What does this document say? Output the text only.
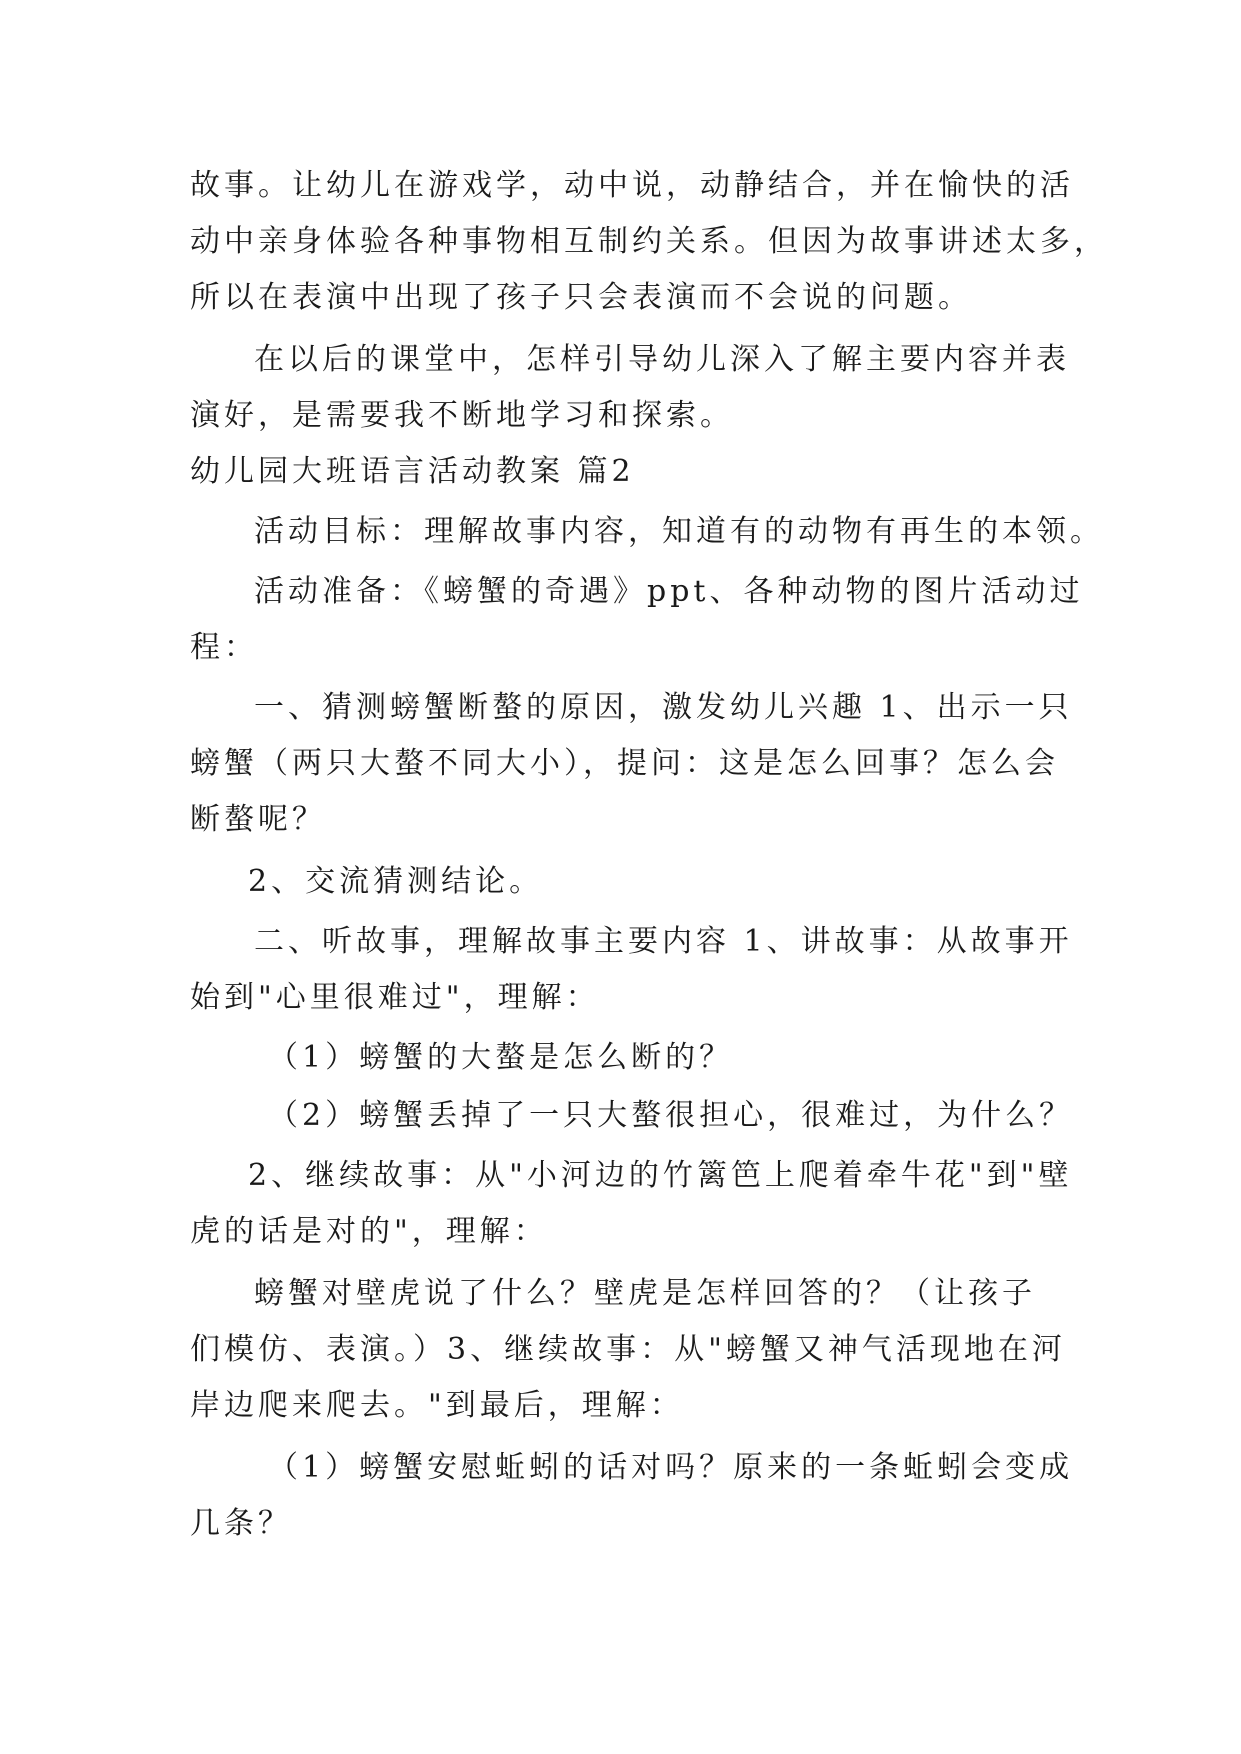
故事。让幼儿在游戏学，动中说，动静结合，并在愉快的活
动中亲身体验各种事物相互制约关系。但因为故事讲述太多，
所以在表演中出现了孩子只会表演而不会说的问题。
在以后的课堂中，怎样引导幼儿深入了解主要内容并表
演好，是需要我不断地学习和探索。
幼儿园大班语言活动教案 篇2
活动目标：理解故事内容，知道有的动物有再生的本领。
活动准备：《螃蟹的奇遇》ppt、各种动物的图片活动过
程：
一、猜测螃蟹断螯的原因，激发幼儿兴趣 1、出示一只
螃蟹（两只大螯不同大小），提问：这是怎么回事？怎么会
断螯呢？
2、交流猜测结论。
二、听故事，理解故事主要内容 1、讲故事：从故事开
始到"心里很难过"，理解：
（1）螃蟹的大螯是怎么断的？
（2）螃蟹丢掉了一只大螯很担心，很难过，为什么？
2、继续故事：从"小河边的竹篱笆上爬着牵牛花"到"壁
虎的话是对的"，理解：
螃蟹对壁虎说了什么？壁虎是怎样回答的？（让孩子
们模仿、表演。）3、继续故事：从"螃蟹又神气活现地在河
岸边爬来爬去。"到最后，理解：
（1）螃蟹安慰蚯蚓的话对吗？原来的一条蚯蚓会变成
几条？
